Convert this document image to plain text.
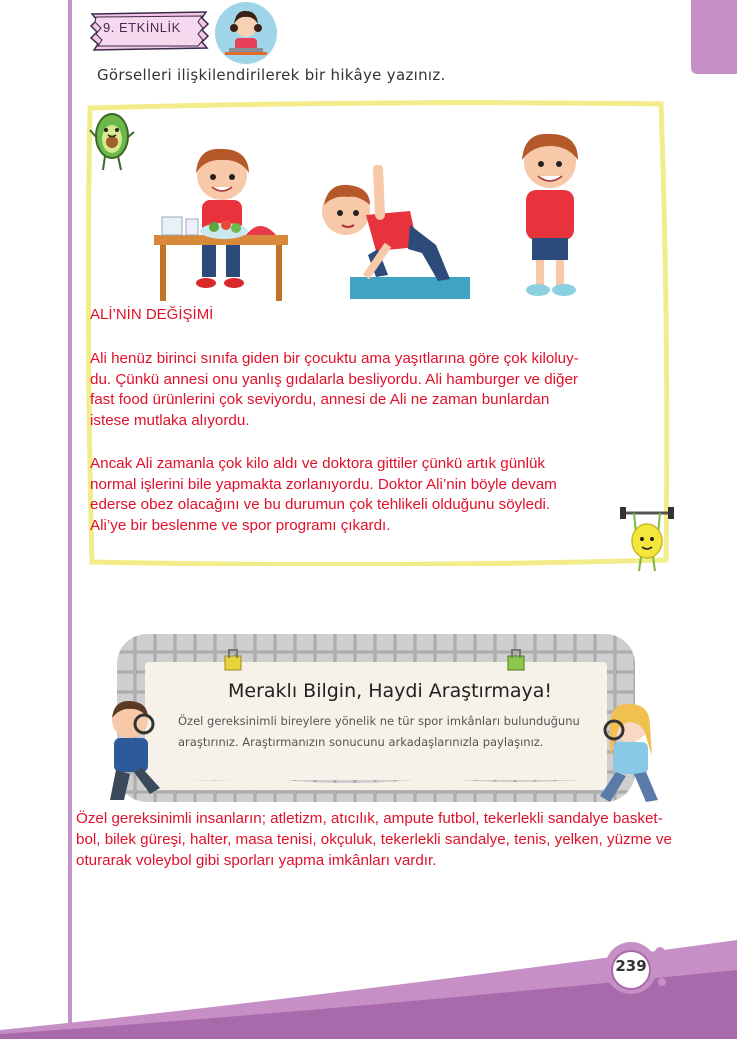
9. ETKİNLİK
Görselleri ilişkilendirilerek bir hikâye yazınız.
ALİ’NİN DEĞİŞİMİ
Ali henüz birinci sınıfa giden bir çocuktu ama yaşıtlarına göre çok kiloluy-
du. Çünkü annesi onu yanlış gıdalarla besliyordu. Ali hamburger ve diğer
fast food ürünlerini çok seviyordu, annesi de Ali ne zaman bunlardan
istese mutlaka alıyordu.
Ancak Ali zamanla çok kilo aldı ve doktora gittiler çünkü artık günlük
normal işlerini bile yapmakta zorlanıyordu. Doktor Ali’nin böyle devam
ederse obez olacağını ve bu durumun çok tehlikeli olduğunu söyledi.
Ali’ye bir beslenme ve spor programı çıkardı.
Meraklı Bilgin, Haydi Araştırmaya!
Özel gereksinimli bireylere yönelik ne tür spor imkânları bulunduğunu
araştırınız. Araştırmanızın sonucunu arkadaşlarınızla paylaşınız.
Özel gereksinimli insanların; atletizm, atıcılık, ampute futbol, tekerlekli sandalye basket-
bol, bilek güreşi, halter, masa tenisi, okçuluk, tekerlekli sandalye, tenis, yelken, yüzme ve
oturarak voleybol gibi sporları yapma imkânları vardır.
239
